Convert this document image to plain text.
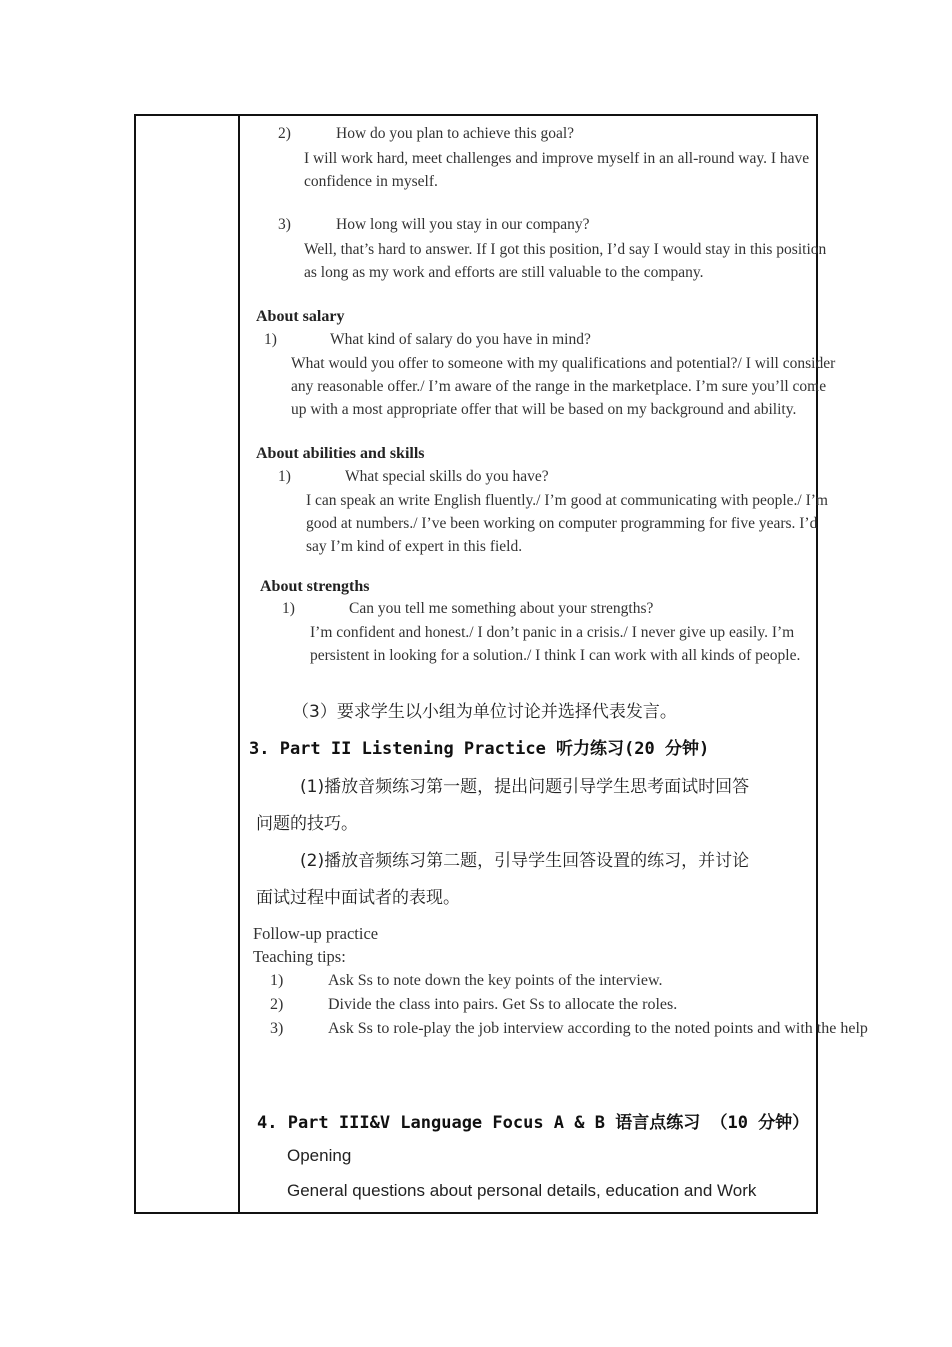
2)	How do you plan to achieve this goal?
I will work hard, meet challenges and improve myself in an all-round way. I have
confidence in myself.
3)	How long will you stay in our company?
Well, that’s hard to answer. If I got this position, I’d say I would stay in this position
as long as my work and efforts are still valuable to the company.
About salary
1)	What kind of salary do you have in mind?
What would you offer to someone with my qualifications and potential?/ I will consider
any reasonable offer./ I’m aware of the range in the marketplace. I’m sure you’ll come
up with a most appropriate offer that will be based on my background and ability.
About abilities and skills
1)	What special skills do you have?
I can speak an write English fluently./ I’m good at communicating with people./ I’m
good at numbers./ I’ve been working on computer programming for five years. I’d
say I’m kind of expert in this field.
About strengths
1)	Can you tell me something about your strengths?
I’m confident and honest./ I don’t panic in a crisis./ I never give up easily. I’m
persistent in looking for a solution./ I think I can work with all kinds of people.
（3）要求学生以小组为单位讨论并选择代表发言。
3. Part II Listening Practice 听力练习(20 分钟)
(1)播放音频练习第一题，提出问题引导学生思考面试时回答
问题的技巧。
(2)播放音频练习第二题，引导学生回答设置的练习，并讨论
面试过程中面试者的表现。
Follow-up practice
Teaching tips:
1)	Ask Ss to note down the key points of the interview.
2)	Divide the class into pairs. Get Ss to allocate the roles.
3)	Ask Ss to role-play the job interview according to the noted points and with the help
4. Part III&V Language Focus A & B 语言点练习 （10 分钟）
Opening
General questions about personal details, education and Work
